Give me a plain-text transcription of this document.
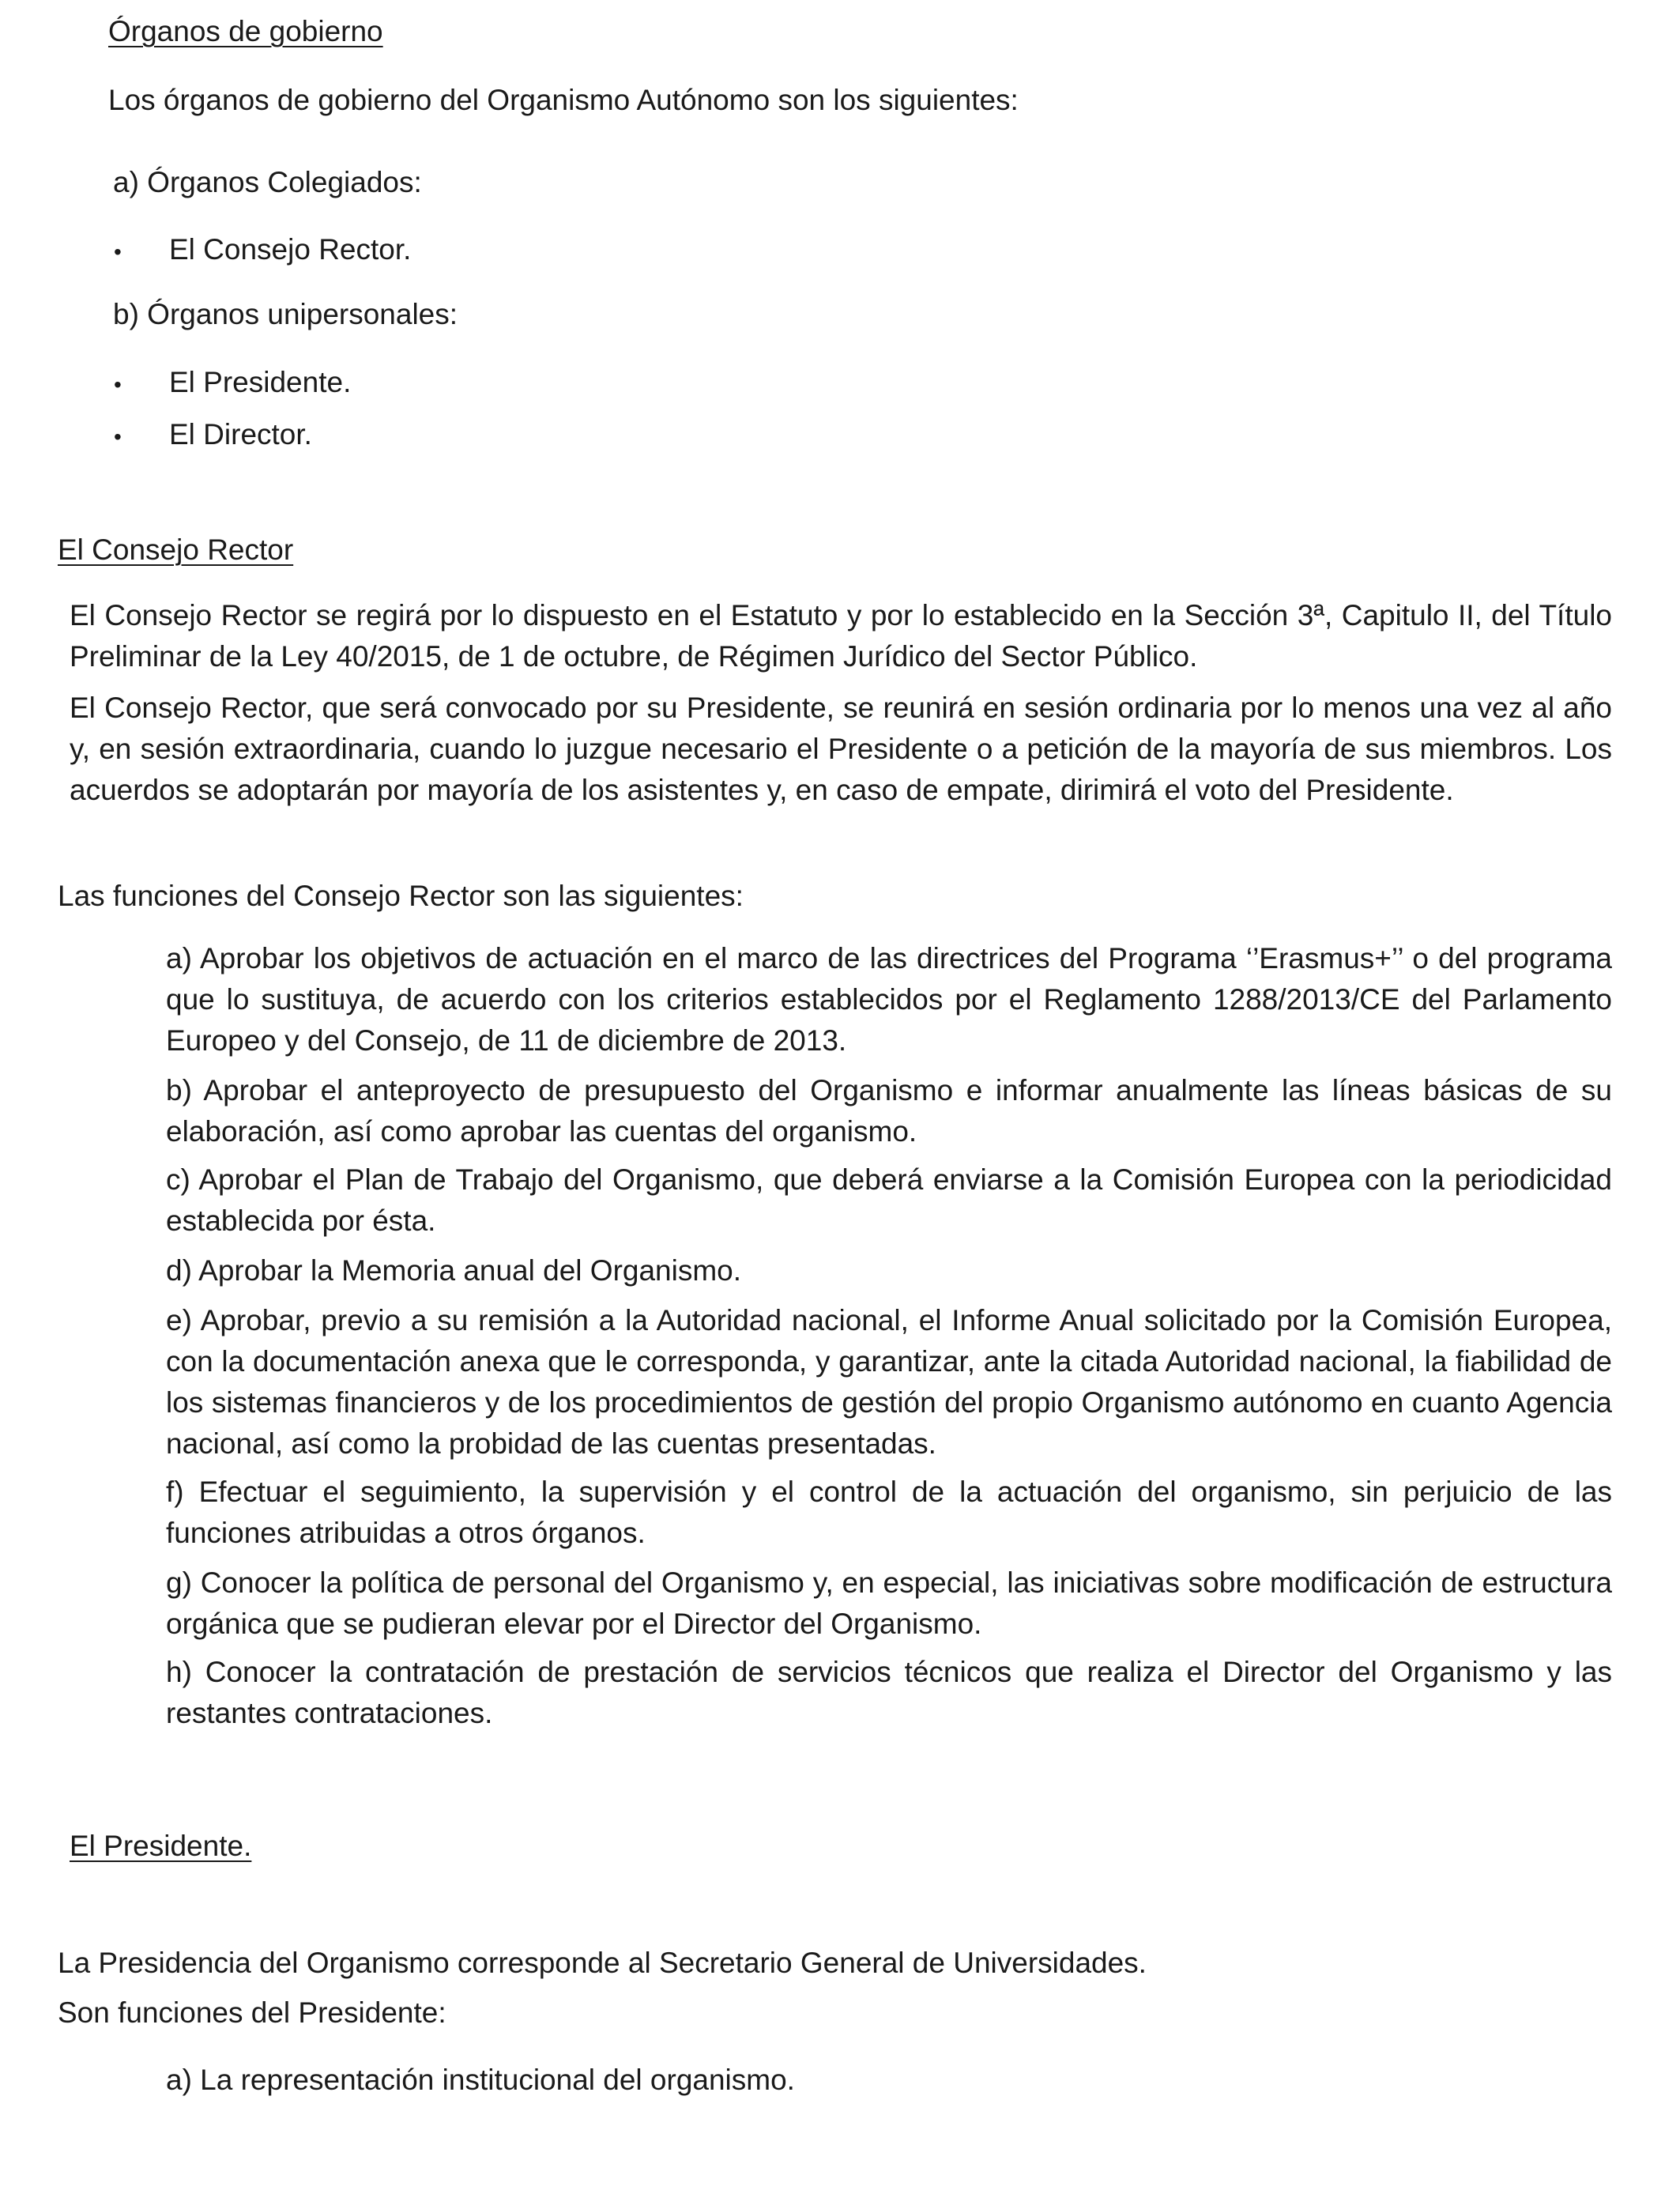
Órganos de gobierno

Los órganos de gobierno del Organismo Autónomo son los siguientes:

a) Órganos Colegiados:

•	El Consejo Rector.

b) Órganos unipersonales:

•	El Presidente.
•	El Director.

El Consejo Rector

El Consejo Rector se regirá por lo dispuesto en el Estatuto y por lo establecido en la Sección 3ª, Capitulo II, del Título Preliminar de la Ley 40/2015, de 1 de octubre, de Régimen Jurídico del Sector Público.

El Consejo Rector, que será convocado por su Presidente, se reunirá en sesión ordinaria por lo menos una vez al año y, en sesión extraordinaria, cuando lo juzgue necesario el Presidente o a petición de la mayoría de sus miembros. Los acuerdos se adoptarán por mayoría de los asistentes y, en caso de empate, dirimirá el voto del Presidente.

Las funciones del Consejo Rector son las siguientes:

a) Aprobar los objetivos de actuación en el marco de las directrices del Programa ‘’Erasmus+’’ o del programa que lo sustituya, de acuerdo con los criterios establecidos por el Reglamento 1288/2013/CE del Parlamento Europeo y del Consejo, de 11 de diciembre de 2013.

b) Aprobar el anteproyecto de presupuesto del Organismo e informar anualmente las líneas básicas de su elaboración, así como aprobar las cuentas del organismo.

c) Aprobar el Plan de Trabajo del Organismo, que deberá enviarse a la Comisión Europea con la periodicidad establecida por ésta.

d) Aprobar la Memoria anual del Organismo.

e) Aprobar, previo a su remisión a la Autoridad nacional, el Informe Anual solicitado por la Comisión Europea, con la documentación anexa que le corresponda, y garantizar, ante la citada Autoridad nacional, la fiabilidad de los sistemas financieros y de los procedimientos de gestión del propio Organismo autónomo en cuanto Agencia nacional, así como la probidad de las cuentas presentadas.

f) Efectuar el seguimiento, la supervisión y el control de la actuación del organismo, sin perjuicio de las funciones atribuidas a otros órganos.

g) Conocer la política de personal del Organismo y, en especial, las iniciativas sobre modificación de estructura orgánica que se pudieran elevar por el Director del Organismo.

h) Conocer la contratación de prestación de servicios técnicos que realiza el Director del Organismo y las restantes contrataciones.

El Presidente.

La Presidencia del Organismo corresponde al Secretario General de Universidades.

Son funciones del Presidente:

a) La representación institucional del organismo.
